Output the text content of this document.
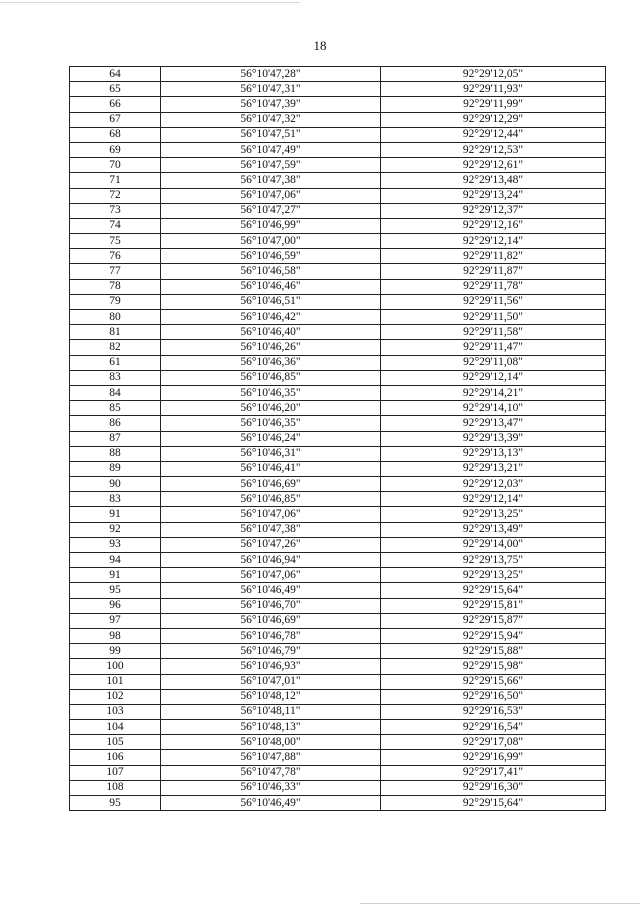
18
64	56°10'47,28"	92°29'12,05"
65	56°10'47,31"	92°29'11,93"
66	56°10'47,39"	92°29'11,99"
67	56°10'47,32"	92°29'12,29"
68	56°10'47,51"	92°29'12,44"
69	56°10'47,49"	92°29'12,53"
70	56°10'47,59"	92°29'12,61"
71	56°10'47,38"	92°29'13,48"
72	56°10'47,06"	92°29'13,24"
73	56°10'47,27"	92°29'12,37"
74	56°10'46,99"	92°29'12,16"
75	56°10'47,00"	92°29'12,14"
76	56°10'46,59"	92°29'11,82"
77	56°10'46,58"	92°29'11,87"
78	56°10'46,46"	92°29'11,78"
79	56°10'46,51"	92°29'11,56"
80	56°10'46,42"	92°29'11,50"
81	56°10'46,40"	92°29'11,58"
82	56°10'46,26"	92°29'11,47"
61	56°10'46,36"	92°29'11,08"
83	56°10'46,85"	92°29'12,14"
84	56°10'46,35"	92°29'14,21"
85	56°10'46,20"	92°29'14,10"
86	56°10'46,35"	92°29'13,47"
87	56°10'46,24"	92°29'13,39"
88	56°10'46,31"	92°29'13,13"
89	56°10'46,41"	92°29'13,21"
90	56°10'46,69"	92°29'12,03"
83	56°10'46,85"	92°29'12,14"
91	56°10'47,06"	92°29'13,25"
92	56°10'47,38"	92°29'13,49"
93	56°10'47,26"	92°29'14,00"
94	56°10'46,94"	92°29'13,75"
91	56°10'47,06"	92°29'13,25"
95	56°10'46,49"	92°29'15,64"
96	56°10'46,70"	92°29'15,81"
97	56°10'46,69"	92°29'15,87"
98	56°10'46,78"	92°29'15,94"
99	56°10'46,79"	92°29'15,88"
100	56°10'46,93"	92°29'15,98"
101	56°10'47,01"	92°29'15,66"
102	56°10'48,12"	92°29'16,50"
103	56°10'48,11"	92°29'16,53"
104	56°10'48,13"	92°29'16,54"
105	56°10'48,00"	92°29'17,08"
106	56°10'47,88"	92°29'16,99"
107	56°10'47,78"	92°29'17,41"
108	56°10'46,33"	92°29'16,30"
95	56°10'46,49"	92°29'15,64"
